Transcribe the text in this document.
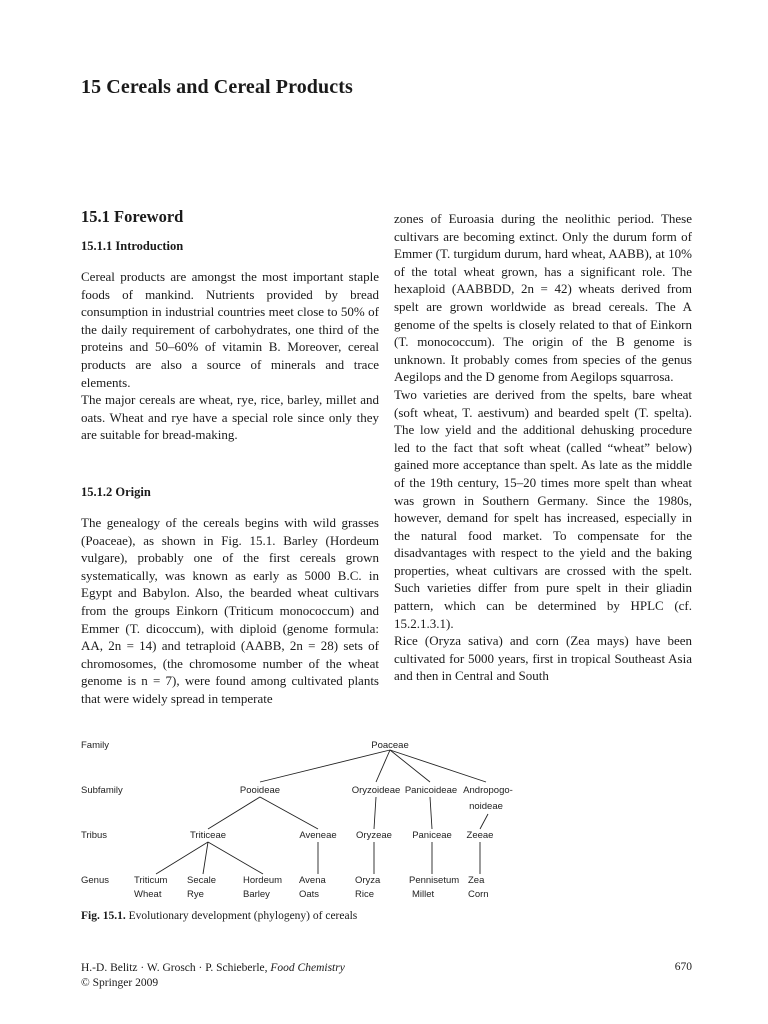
15 Cereals and Cereal Products
15.1 Foreword
15.1.1 Introduction

Cereal products are amongst the most important staple foods of mankind. Nutrients provided by bread consumption in industrial countries meet close to 50% of the daily requirement of carbohydrates, one third of the proteins and 50–60% of vitamin B. Moreover, cereal products are also a source of minerals and trace elements.

The major cereals are wheat, rye, rice, barley, millet and oats. Wheat and rye have a special role since only they are suitable for bread-making.

15.1.2 Origin

The genealogy of the cereals begins with wild grasses (Poaceae), as shown in Fig. 15.1. Barley (Hordeum vulgare), probably one of the first cereals grown systematically, was known as early as 5000 B.C. in Egypt and Babylon. Also, the bearded wheat cultivars from the groups Einkorn (Triticum monococcum) and Emmer (T. dicoccum), with diploid (genome formula: AA, 2n = 14) and tetraploid (AABB, 2n = 28) sets of chromosomes, (the chromosome number of the wheat genome is n = 7), were found among cultivated plants that were widely spread in temperate

zones of Euroasia during the neolithic period. These cultivars are becoming extinct. Only the durum form of Emmer (T. turgidum durum, hard wheat, AABB), at 10% of the total wheat grown, has a significant role. The hexaploid (AABBDD, 2n = 42) wheats derived from spelt are grown worldwide as bread cereals. The A genome of the spelts is closely related to that of Einkorn (T. monococcum). The origin of the B genome is unknown. It probably comes from species of the genus Aegilops and the D genome from Aegilops squarrosa.

Two varieties are derived from the spelts, bare wheat (soft wheat, T. aestivum) and bearded spelt (T. spelta). The low yield and the additional dehusking procedure led to the fact that soft wheat (called “wheat” below) gained more acceptance than spelt. As late as the middle of the 19th century, 15–20 times more spelt than wheat was grown in Southern Germany. Since the 1980s, however, demand for spelt has increased, especially in the natural food market. To compensate for the disadvantages with respect to the yield and the baking properties, wheat cultivars are crossed with the spelt. Such varieties differ from pure spelt in their gliadin pattern, which can be determined by HPLC (cf. 15.2.1.3.1).

Rice (Oryza sativa) and corn (Zea mays) have been cultivated for 5000 years, first in tropical Southeast Asia and then in Central and South

Family
Subfamily
Tribus
Genus
Poaceae
Pooideae	Oryzoideae Panicoideae Andropogo-
noideae
Triticeae	Aveneae Oryzeae Paniceae Zeeae
Triticum
Wheat
Secale
Rye
Hordeum
Barley
Avena
Oats
Oryza
Rice
Pennisetum
Millet
Zea
Corn

Fig. 15.1. Evolutionary development (phylogeny) of cereals

H.-D. Belitz · W. Grosch · P. Schieberle, Food Chemistry
© Springer 2009
670
